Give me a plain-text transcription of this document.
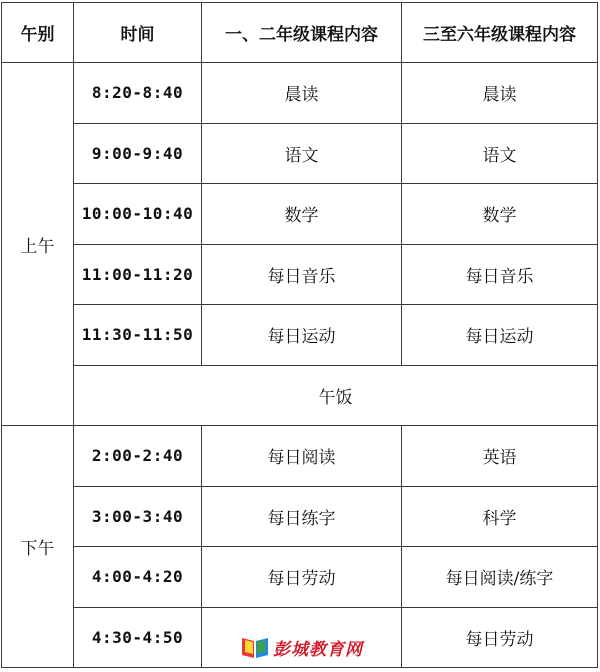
午别	时间	一、二年级课程内容	三至六年级课程内容
上午	8:20-8:40	晨读	晨读
	9:00-9:40	语文	语文
	10:00-10:40	数学	数学
	11:00-11:20	每日音乐	每日音乐
	11:30-11:50	每日运动	每日运动
	午饭		
下午	2:00-2:40	每日阅读	英语
	3:00-3:40	每日练字	科学
	4:00-4:20	每日劳动	每日阅读/练字
	4:30-4:50		每日劳动
彭城教育网
